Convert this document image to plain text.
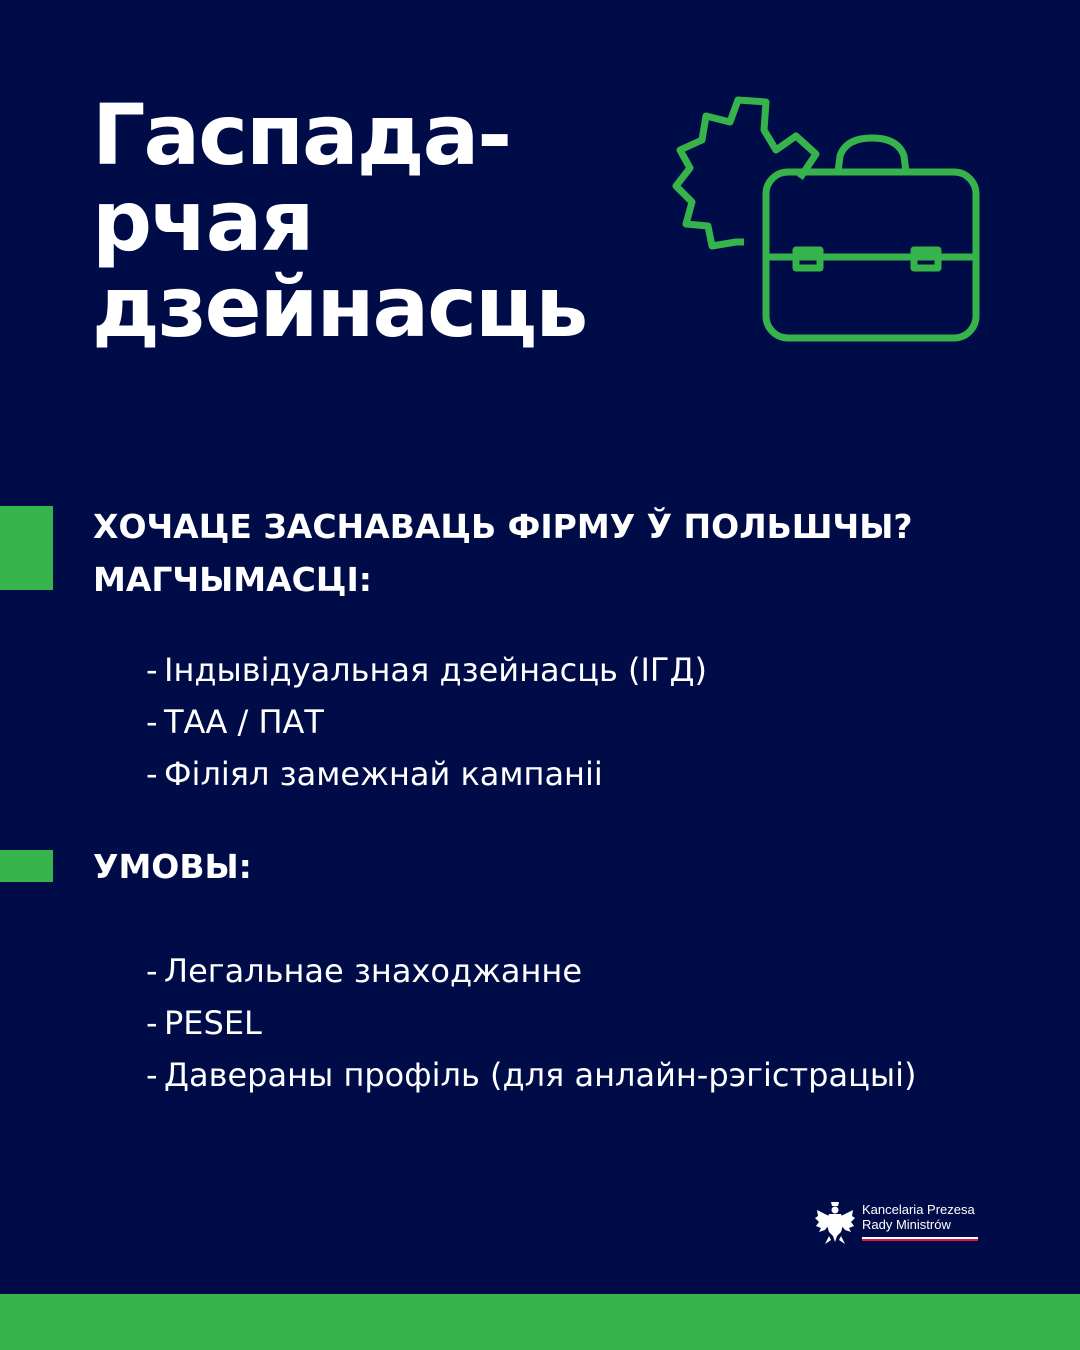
Гаспада-
рчая
дзейнасць
ХОЧАЦЕ ЗАСНАВАЦЬ ФІРМУ Ў ПОЛЬШЧЫ?
МАГЧЫМАСЦІ:
- Індывідуальная дзейнасць (ІГД)
- ТАА / ПАТ
- Філіял замежнай кампаніі
УМОВЫ:
- Легальнае знаходжанне
- PESEL
- Даверaны профіль (для анлайн-рэгістрацыі)
Kancelaria Prezesa
Rady Ministrów
